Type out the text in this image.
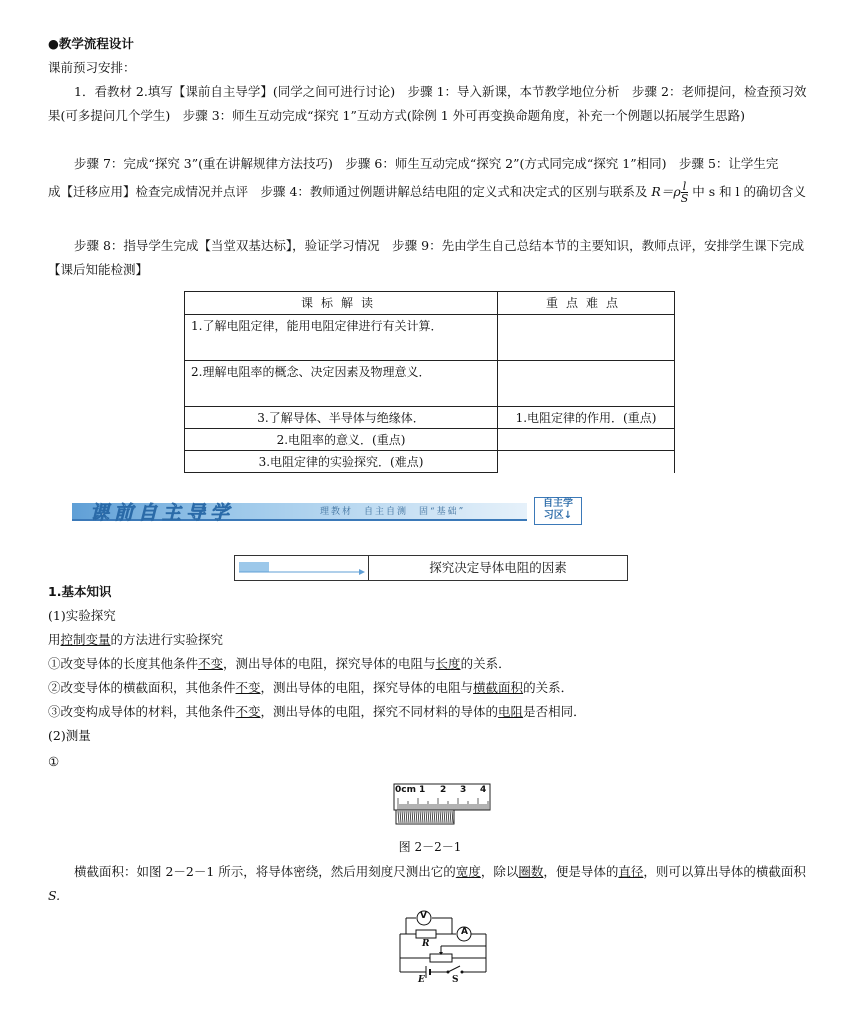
●教学流程设计
课前预习安排：
1．看教材 2.填写【课前自主导学】(同学之间可进行讨论)　步骤 1：导入新课，本节教学地位分析　步骤 2：老师提问，检查预习效
果(可多提问几个学生)　步骤 3：师生互动完成“探究 1”互动方式(除例 1 外可再变换命题角度，补充一个例题以拓展学生思路)
步骤 7：完成“探究 3”(重在讲解规律方法技巧)　步骤 6：师生互动完成“探究 2”(方式同完成“探究 1”相同)　步骤 5：让学生完
成【迁移应用】检查完成情况并点评　步骤 4：教师通过例题讲解总结电阻的定义式和决定式的区别与联系及 $R=\rho \frac{l}{S}$ 中 s 和 l 的确切含义
步骤 8：指导学生完成【当堂双基达标】，验证学习情况　步骤 9：先由学生自己总结本节的主要知识，教师点评，安排学生课下完成
【课后知能检测】
课标解读	重点难点
1.了解电阻定律，能用电阻定律进行有关计算．	
2.理解电阻率的概念、决定因素及物理意义．	
3.了解导体、半导体与绝缘体．	1.电阻定律的作用．(重点)
2.电阻率的意义．(重点)	
3.电阻定律的实验探究．(难点)	
课前自主导学	理教材　自主自测　固“基础”
自主学
习区↓
探究决定导体电阻的因素
1.基本知识
(1)实验探究
用控制变量的方法进行实验探究
①改变导体的长度其他条件不变，测出导体的电阻，探究导体的电阻与长度的关系．
②改变导体的横截面积，其他条件不变，测出导体的电阻，探究导体的电阻与横截面积的关系．
③改变构成导体的材料，其他条件不变，测出导体的电阻，探究不同材料的导体的电阻是否相同．
(2)测量
①
0cm 1 2 3 4
图 2－2－1
横截面积：如图 2－2－1 所示，将导体密绕，然后用刻度尺测出它的宽度，除以圈数，便是导体的直径，则可以算出导体的横截面积
S.
V
A
R
E	S
